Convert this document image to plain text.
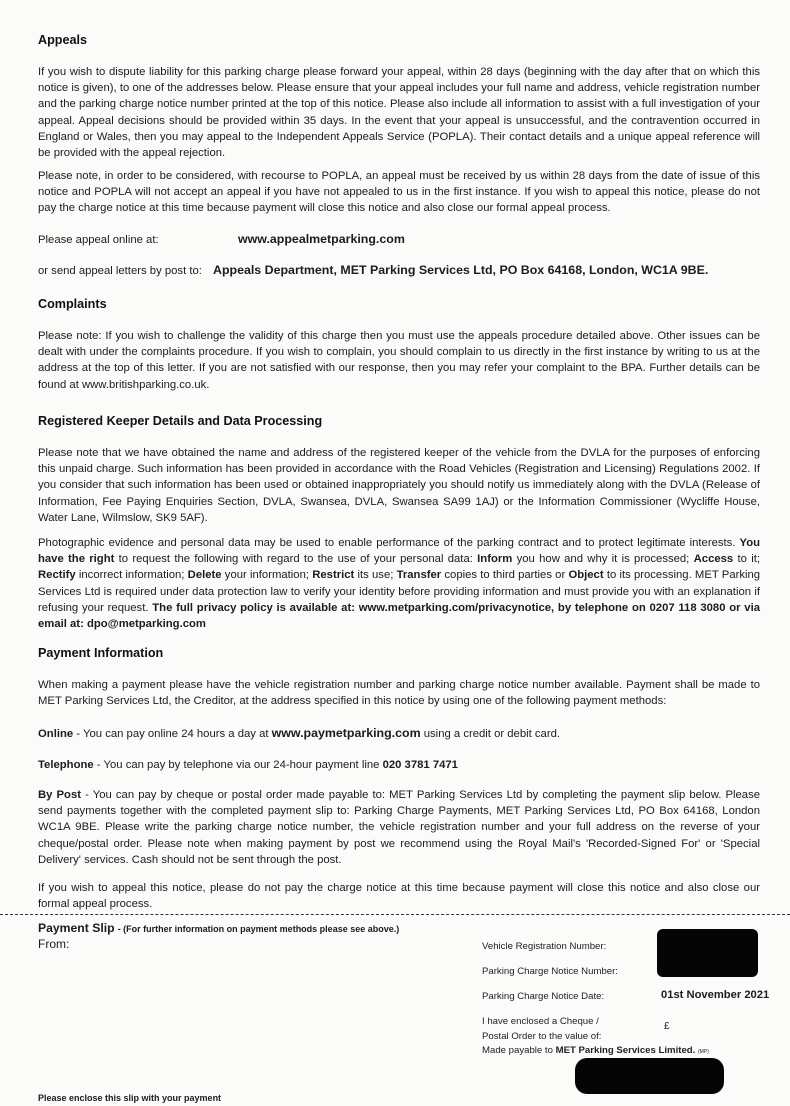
Appeals
If you wish to dispute liability for this parking charge please forward your appeal, within 28 days (beginning with the day after that on which this notice is given), to one of the addresses below. Please ensure that your appeal includes your full name and address, vehicle registration number and the parking charge notice number printed at the top of this notice. Please also include all information to assist with a full investigation of your appeal. Appeal decisions should be provided within 35 days. In the event that your appeal is unsuccessful, and the contravention occurred in England or Wales, then you may appeal to the Independent Appeals Service (POPLA). Their contact details and a unique appeal reference will be provided with the appeal rejection.
Please note, in order to be considered, with recourse to POPLA, an appeal must be received by us within 28 days from the date of issue of this notice and POPLA will not accept an appeal if you have not appealed to us in the first instance. If you wish to appeal this notice, please do not pay the charge notice at this time because payment will close this notice and also close our formal appeal process.
Please appeal online at:	www.appealmetparking.com
or send appeal letters by post to: Appeals Department, MET Parking Services Ltd, PO Box 64168, London, WC1A 9BE.
Complaints
Please note: If you wish to challenge the validity of this charge then you must use the appeals procedure detailed above. Other issues can be dealt with under the complaints procedure. If you wish to complain, you should complain to us directly in the first instance by writing to us at the address at the top of this letter. If you are not satisfied with our response, then you may refer your complaint to the BPA. Further details can be found at www.britishparking.co.uk.
Registered Keeper Details and Data Processing
Please note that we have obtained the name and address of the registered keeper of the vehicle from the DVLA for the purposes of enforcing this unpaid charge. Such information has been provided in accordance with the Road Vehicles (Registration and Licensing) Regulations 2002. If you consider that such information has been used or obtained inappropriately you should notify us immediately along with the DVLA (Release of Information, Fee Paying Enquiries Section, DVLA, Swansea, DVLA, Swansea SA99 1AJ) or the Information Commissioner (Wycliffe House, Water Lane, Wilmslow, SK9 5AF).
Photographic evidence and personal data may be used to enable performance of the parking contract and to protect legitimate interests. You have the right to request the following with regard to the use of your personal data: Inform you how and why it is processed; Access to it; Rectify incorrect information; Delete your information; Restrict its use; Transfer copies to third parties or Object to its processing. MET Parking Services Ltd is required under data protection law to verify your identity before providing information and must provide you with an explanation if refusing your request. The full privacy policy is available at: www.metparking.com/privacynotice, by telephone on 0207 118 3080 or via email at: dpo@metparking.com
Payment Information
When making a payment please have the vehicle registration number and parking charge notice number available. Payment shall be made to MET Parking Services Ltd, the Creditor, at the address specified in this notice by using one of the following payment methods:
Online - You can pay online 24 hours a day at www.paymetparking.com using a credit or debit card.
Telephone - You can pay by telephone via our 24-hour payment line 020 3781 7471
By Post - You can pay by cheque or postal order made payable to: MET Parking Services Ltd by completing the payment slip below. Please send payments together with the completed payment slip to: Parking Charge Payments, MET Parking Services Ltd, PO Box 64168, London WC1A 9BE. Please write the parking charge notice number, the vehicle registration number and your full address on the reverse of your cheque/postal order. Please note when making payment by post we recommend using the Royal Mail's 'Recorded-Signed For' or 'Special Delivery' services. Cash should not be sent through the post.
If you wish to appeal this notice, please do not pay the charge notice at this time because payment will close this notice and also close our formal appeal process.
Payment Slip - (For further information on payment methods please see above.)
From:	Vehicle Registration Number:
Parking Charge Notice Number:
Parking Charge Notice Date:	01st November 2021
I have enclosed a Cheque /
Postal Order to the value of:
£
Made payable to MET Parking Services Limited. (MP)
Please enclose this slip with your payment
